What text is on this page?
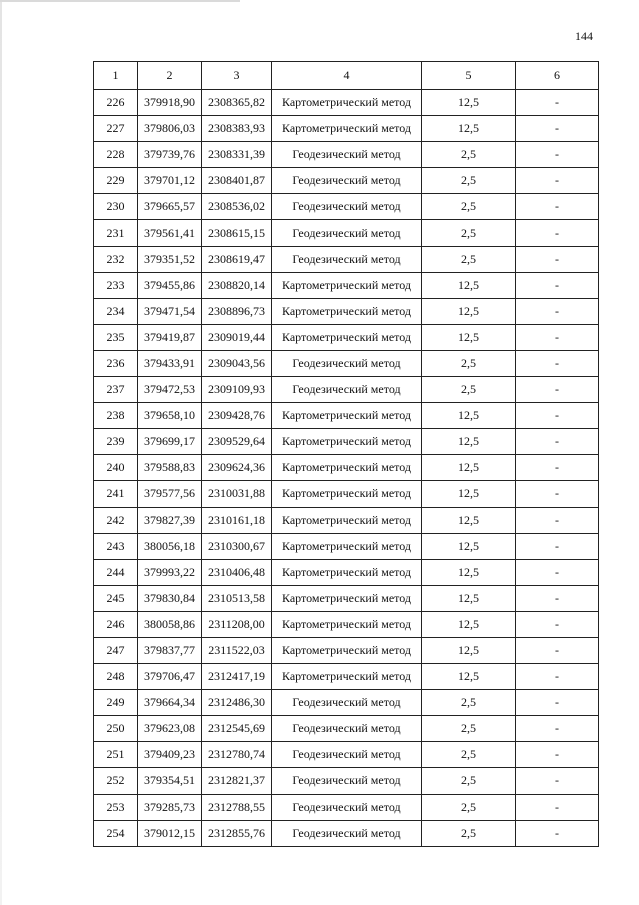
144
1	2	3	4	5	6
226	379918,90	2308365,82	Картометрический метод	12,5	-
227	379806,03	2308383,93	Картометрический метод	12,5	-
228	379739,76	2308331,39	Геодезический метод	2,5	-
229	379701,12	2308401,87	Геодезический метод	2,5	-
230	379665,57	2308536,02	Геодезический метод	2,5	-
231	379561,41	2308615,15	Геодезический метод	2,5	-
232	379351,52	2308619,47	Геодезический метод	2,5	-
233	379455,86	2308820,14	Картометрический метод	12,5	-
234	379471,54	2308896,73	Картометрический метод	12,5	-
235	379419,87	2309019,44	Картометрический метод	12,5	-
236	379433,91	2309043,56	Геодезический метод	2,5	-
237	379472,53	2309109,93	Геодезический метод	2,5	-
238	379658,10	2309428,76	Картометрический метод	12,5	-
239	379699,17	2309529,64	Картометрический метод	12,5	-
240	379588,83	2309624,36	Картометрический метод	12,5	-
241	379577,56	2310031,88	Картометрический метод	12,5	-
242	379827,39	2310161,18	Картометрический метод	12,5	-
243	380056,18	2310300,67	Картометрический метод	12,5	-
244	379993,22	2310406,48	Картометрический метод	12,5	-
245	379830,84	2310513,58	Картометрический метод	12,5	-
246	380058,86	2311208,00	Картометрический метод	12,5	-
247	379837,77	2311522,03	Картометрический метод	12,5	-
248	379706,47	2312417,19	Картометрический метод	12,5	-
249	379664,34	2312486,30	Геодезический метод	2,5	-
250	379623,08	2312545,69	Геодезический метод	2,5	-
251	379409,23	2312780,74	Геодезический метод	2,5	-
252	379354,51	2312821,37	Геодезический метод	2,5	-
253	379285,73	2312788,55	Геодезический метод	2,5	-
254	379012,15	2312855,76	Геодезический метод	2,5	-
